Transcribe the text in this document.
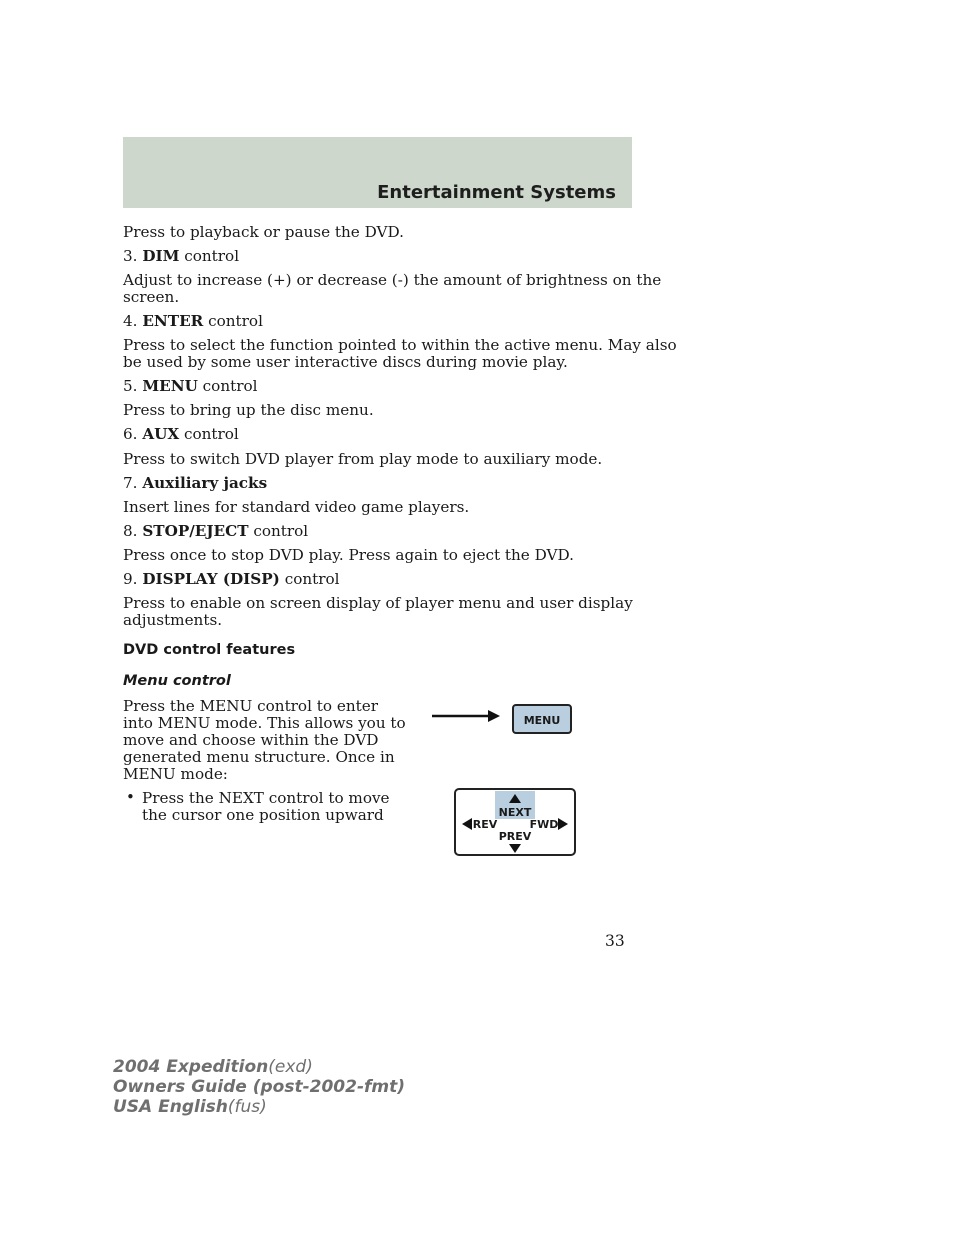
Entertainment Systems

Press to playback or pause the DVD.

3. DIM control

Adjust to increase (+) or decrease (-) the amount of brightness on the

screen.

4. ENTER control

Press to select the function pointed to within the active menu. May also

be used by some user interactive discs during movie play.

5. MENU control

Press to bring up the disc menu.

6. AUX control

Press to switch DVD player from play mode to auxiliary mode.

7. Auxiliary jacks

Insert lines for standard video game players.

8. STOP/EJECT control

Press once to stop DVD play. Press again to eject the DVD.

9. DISPLAY (DISP) control

Press to enable on screen display of player menu and user display

adjustments.

DVD control features

Menu control

Press the MENU control to enter

into MENU mode. This allows you to

move and choose within the DVD

generated menu structure. Once in

MENU mode:

• Press the NEXT control to move

the cursor one position upward

MENU
NEXT
REV	FWD
PREV
33
2004 Expedition(exd)
Owners Guide (post-2002-fmt)
USA English(fus)
